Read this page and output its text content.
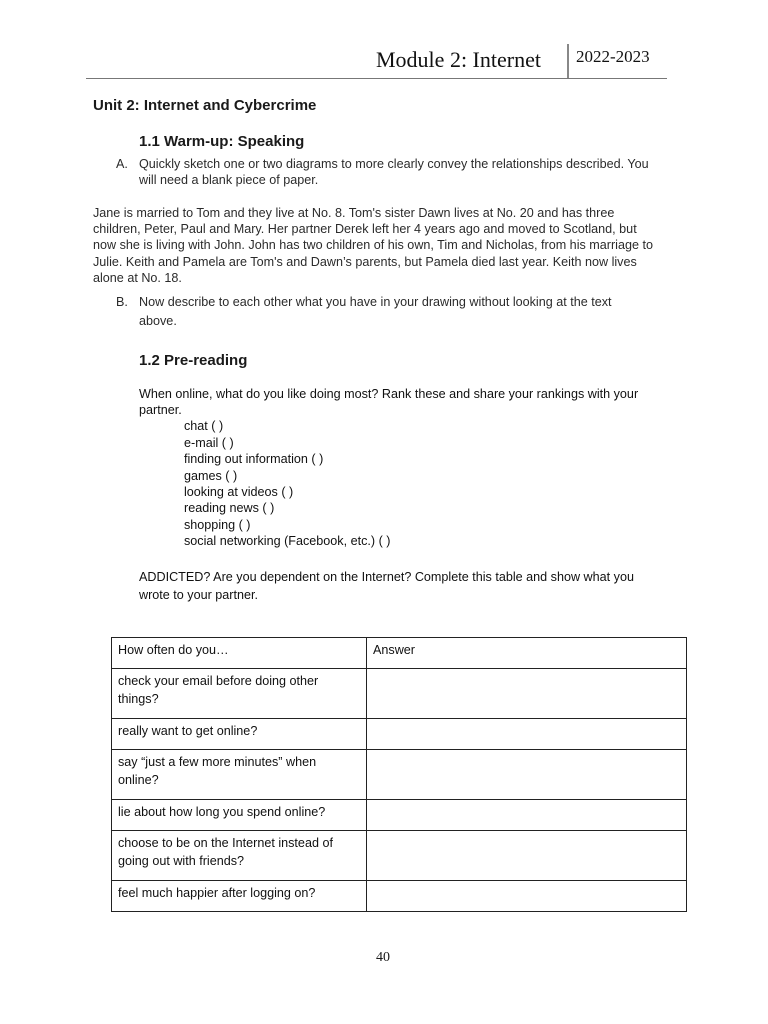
Module 2: Internet 2022-2023
Unit 2: Internet and Cybercrime
1.1 Warm-up: Speaking
A. Quickly sketch one or two diagrams to more clearly convey the relationships described. You
will need a blank piece of paper.
Jane is married to Tom and they live at No. 8. Tom's sister Dawn lives at No. 20 and has three
children, Peter, Paul and Mary. Her partner Derek left her 4 years ago and moved to Scotland, but
now she is living with John. John has two children of his own, Tim and Nicholas, from his marriage to
Julie. Keith and Pamela are Tom's and Dawn’s parents, but Pamela died last year. Keith now lives
alone at No. 18.
B. Now describe to each other what you have in your drawing without looking at the text
above.
1.2 Pre-reading
When online, what do you like doing most? Rank these and share your rankings with your
partner.
chat ( )
e-mail ( )
finding out information ( )
games ( )
looking at videos ( )
reading news ( )
shopping ( )
social networking (Facebook, etc.) ( )
ADDICTED? Are you dependent on the Internet? Complete this table and show what you
wrote to your partner.
How often do you…	Answer

check your email before doing other
things?	

really want to get online?	

say “just a few more minutes” when
online?	

lie about how long you spend online?	

choose to be on the Internet instead of
going out with friends?	

feel much happier after logging on?	

40
